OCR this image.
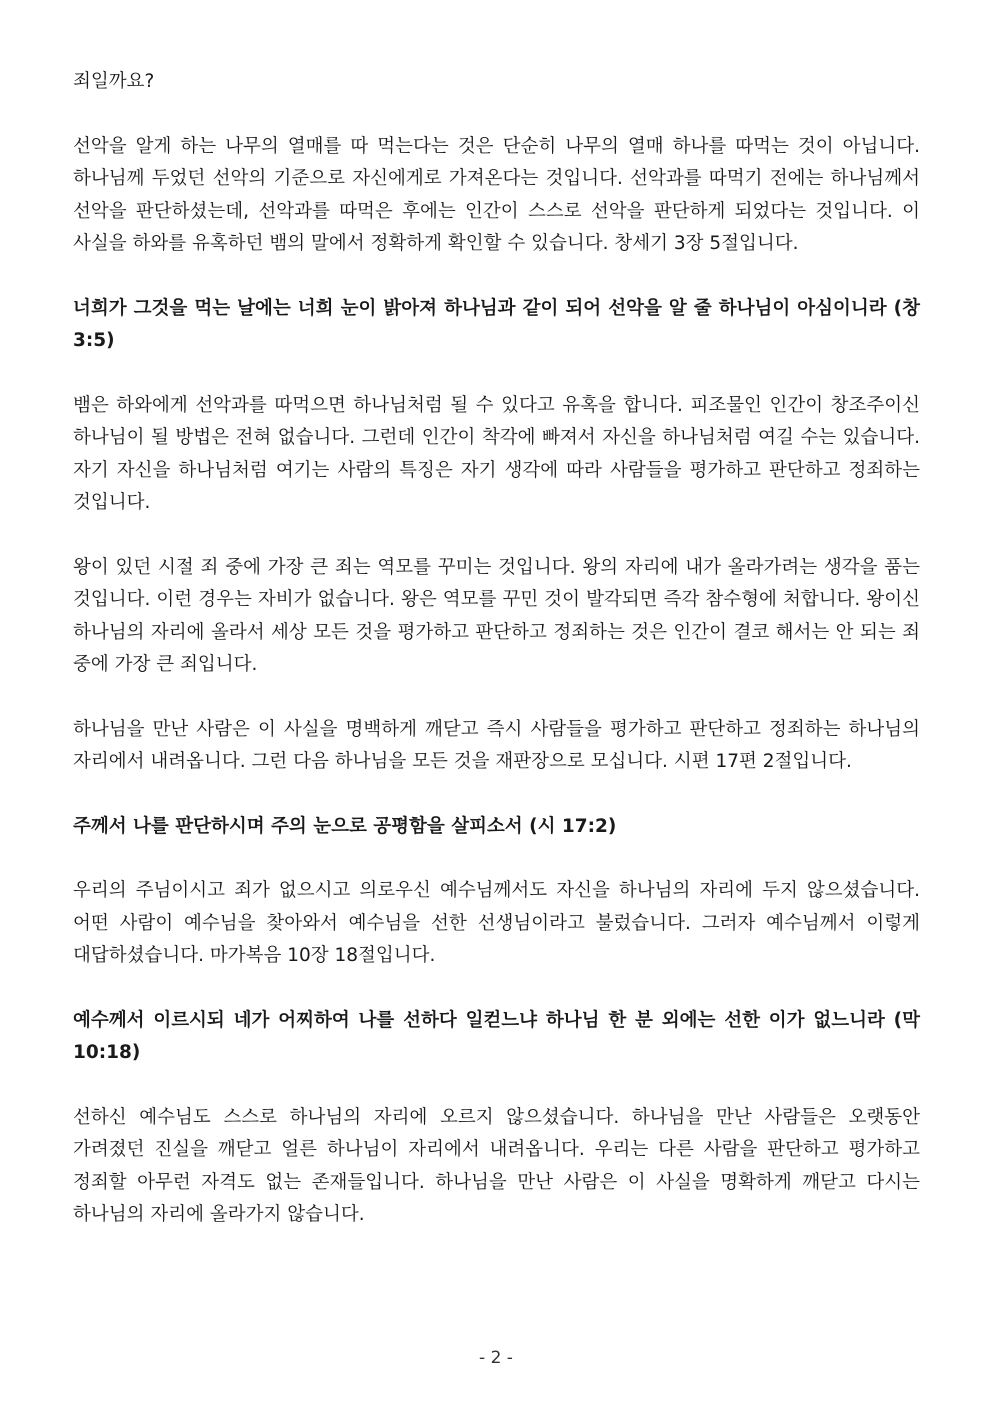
죄일까요?

선악을 알게 하는 나무의 열매를 따 먹는다는 것은 단순히 나무의 열매 하나를 따먹는 것이 아닙니다. 하나님께 두었던 선악의 기준으로 자신에게로 가져온다는 것입니다. 선악과를 따먹기 전에는 하나님께서 선악을 판단하셨는데, 선악과를 따먹은 후에는 인간이 스스로 선악을 판단하게 되었다는 것입니다. 이 사실을 하와를 유혹하던 뱀의 말에서 정확하게 확인할 수 있습니다. 창세기 3장 5절입니다.

너희가 그것을 먹는 날에는 너희 눈이 밝아져 하나님과 같이 되어 선악을 알 줄 하나님이 아심이니라 (창 3:5)

뱀은 하와에게 선악과를 따먹으면 하나님처럼 될 수 있다고 유혹을 합니다. 피조물인 인간이 창조주이신 하나님이 될 방법은 전혀 없습니다. 그런데 인간이 착각에 빠져서 자신을 하나님처럼 여길 수는 있습니다. 자기 자신을 하나님처럼 여기는 사람의 특징은 자기 생각에 따라 사람들을 평가하고 판단하고 정죄하는 것입니다.

왕이 있던 시절 죄 중에 가장 큰 죄는 역모를 꾸미는 것입니다. 왕의 자리에 내가 올라가려는 생각을 품는 것입니다. 이런 경우는 자비가 없습니다. 왕은 역모를 꾸민 것이 발각되면 즉각 참수형에 처합니다. 왕이신 하나님의 자리에 올라서 세상 모든 것을 평가하고 판단하고 정죄하는 것은 인간이 결코 해서는 안 되는 죄 중에 가장 큰 죄입니다.

하나님을 만난 사람은 이 사실을 명백하게 깨닫고 즉시 사람들을 평가하고 판단하고 정죄하는 하나님의 자리에서 내려옵니다. 그런 다음 하나님을 모든 것을 재판장으로 모십니다. 시편 17편 2절입니다.

주께서 나를 판단하시며 주의 눈으로 공평함을 살피소서 (시 17:2)

우리의 주님이시고 죄가 없으시고 의로우신 예수님께서도 자신을 하나님의 자리에 두지 않으셨습니다. 어떤 사람이 예수님을 찾아와서 예수님을 선한 선생님이라고 불렀습니다. 그러자 예수님께서 이렇게 대답하셨습니다. 마가복음 10장 18절입니다.

예수께서 이르시되 네가 어찌하여 나를 선하다 일컫느냐 하나님 한 분 외에는 선한 이가 없느니라 (막 10:18)

선하신 예수님도 스스로 하나님의 자리에 오르지 않으셨습니다. 하나님을 만난 사람들은 오랫동안 가려졌던 진실을 깨닫고 얼른 하나님이 자리에서 내려옵니다. 우리는 다른 사람을 판단하고 평가하고 정죄할 아무런 자격도 없는 존재들입니다. 하나님을 만난 사람은 이 사실을 명확하게 깨닫고 다시는 하나님의 자리에 올라가지 않습니다.

- 2 -
